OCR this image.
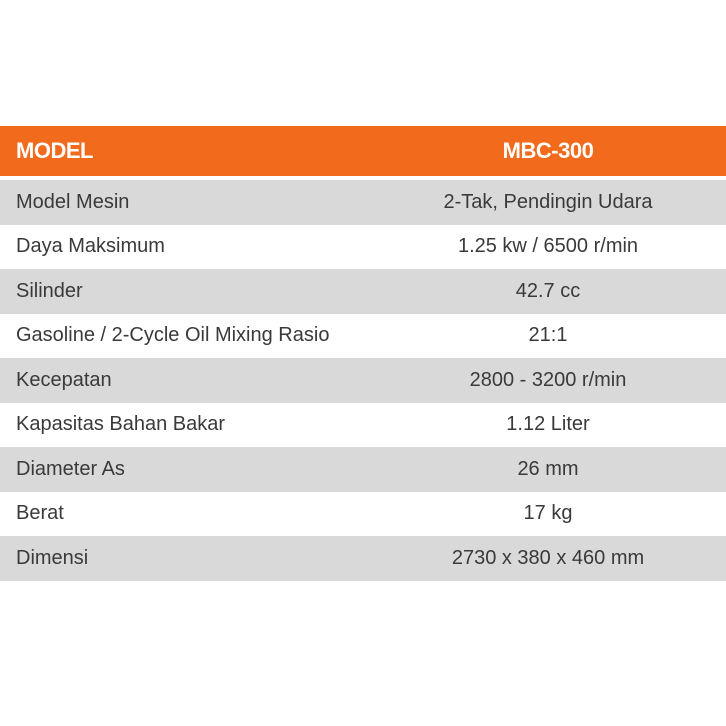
MODEL	MBC-300
Model Mesin	2-Tak, Pendingin Udara
Daya Maksimum	1.25 kw / 6500 r/min
Silinder	42.7 cc
Gasoline / 2-Cycle Oil Mixing Rasio	21:1
Kecepatan	2800 - 3200 r/min
Kapasitas Bahan Bakar	1.12 Liter
Diameter As	26 mm
Berat	17 kg
Dimensi	2730 x 380 x 460 mm
